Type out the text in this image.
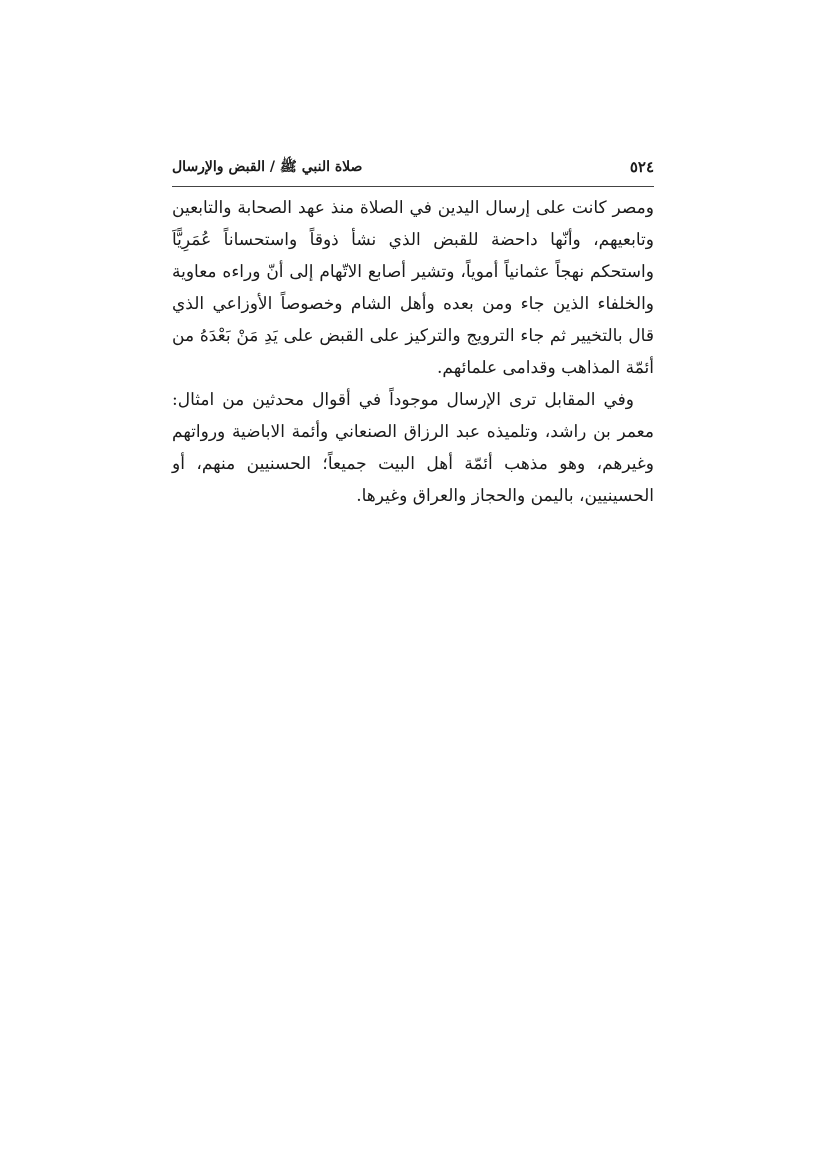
٥٢٤
صلاة النبي ﷺ / القبض والإرسال

ومصر كانت على إرسال اليدين في الصلاة منذ عهد الصحابة والتابعين وتابعيهم، وأنّها داحضة للقبض الذي نشأ ذوقاً واستحساناً عُمَرِيًّاَ واستحكم نهجاً عثمانياً أموياً، وتشير أصابع الاتّهام إلى أنّ وراءه معاوية والخلفاء الذين جاء ومن بعده وأهل الشام وخصوصاً الأوزاعي الذي قال بالتخيير ثم جاء الترويج والتركيز على القبض على يَدِ مَنْ بَعْدَهُ من أئمّة المذاهب وقدامى علمائهم.

وفي المقابل ترى الإرسال موجوداً في أقوال محدثين من امثال: معمر بن راشد، وتلميذه عبد الرزاق الصنعاني وأئمة الاباضية ورواتهم وغيرهم، وهو مذهب أئمّة أهل البيت جميعاً؛ الحسنيين منهم، أو الحسينيين، باليمن والحجاز والعراق وغيرها.
